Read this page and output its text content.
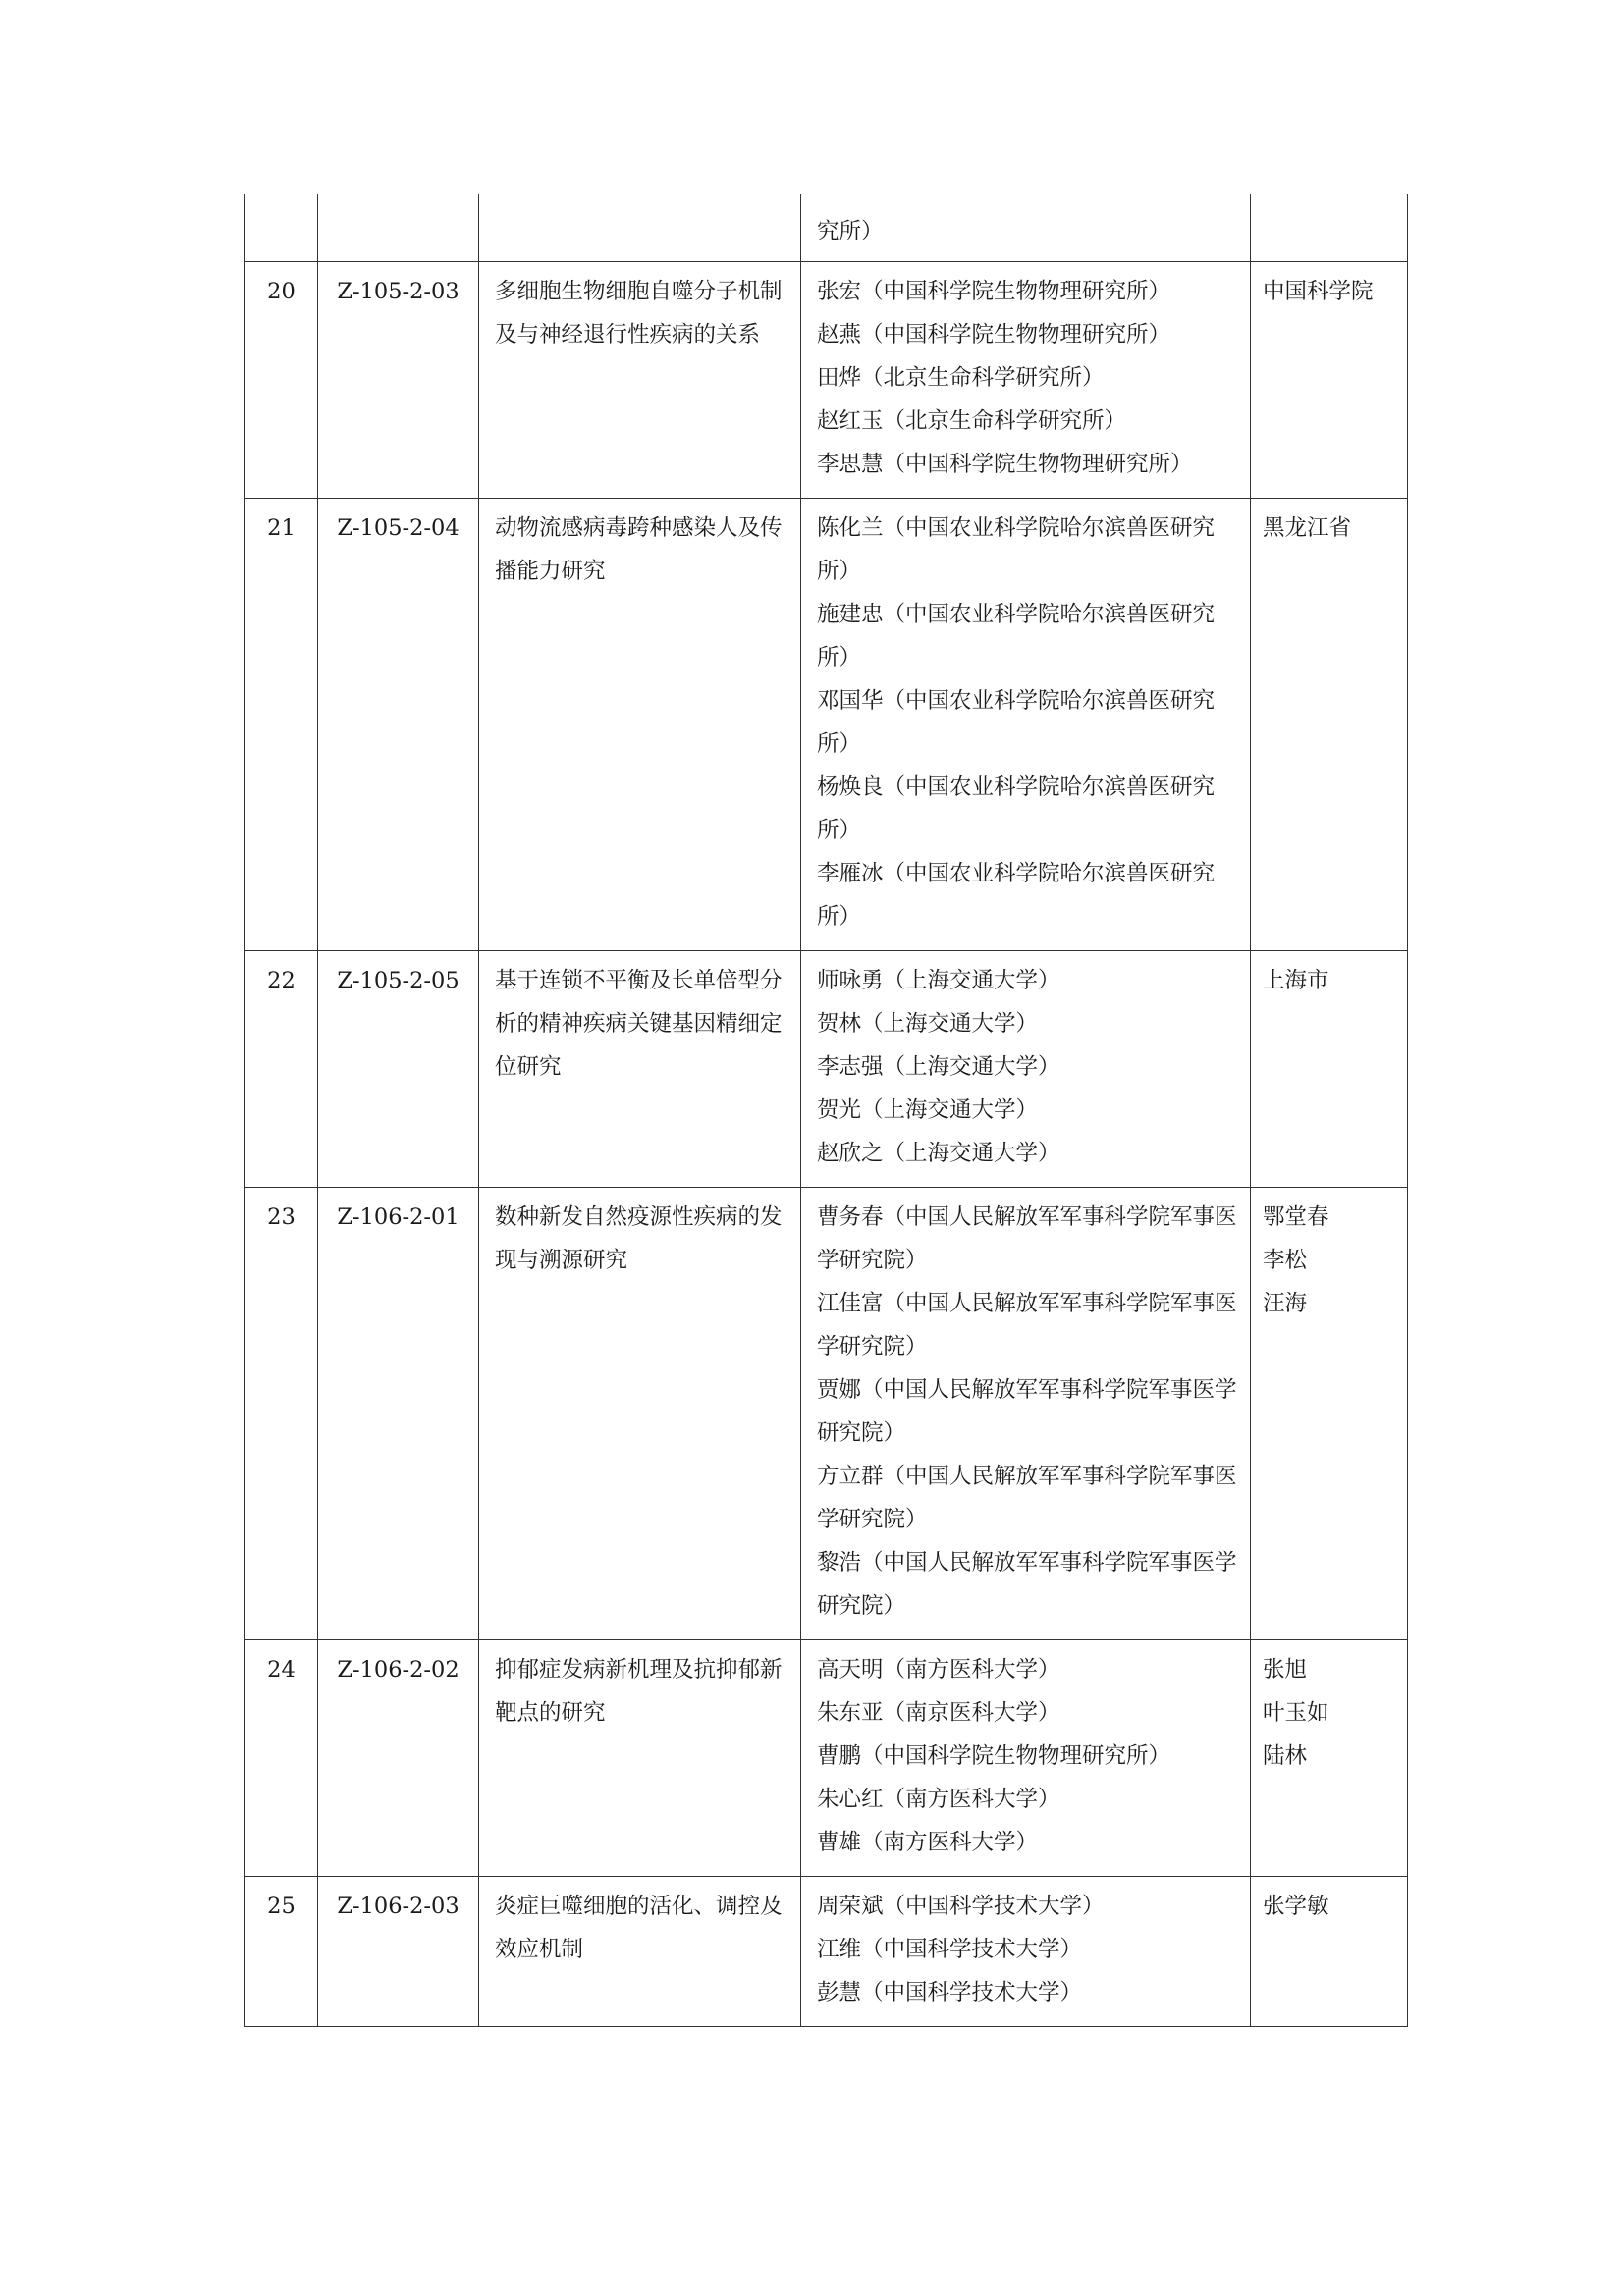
			究所）	

20	Z-105-2-03	多细胞生物细胞自噬分子机制及与神经退行性疾病的关系	张宏（中国科学院生物物理研究所）
赵燕（中国科学院生物物理研究所）
田烨（北京生命科学研究所）
赵红玉（北京生命科学研究所）
李思慧（中国科学院生物物理研究所）	中国科学院

21	Z-105-2-04	动物流感病毒跨种感染人及传播能力研究	陈化兰（中国农业科学院哈尔滨兽医研究所）
施建忠（中国农业科学院哈尔滨兽医研究所）
邓国华（中国农业科学院哈尔滨兽医研究所）
杨焕良（中国农业科学院哈尔滨兽医研究所）
李雁冰（中国农业科学院哈尔滨兽医研究所）	黑龙江省

22	Z-105-2-05	基于连锁不平衡及长单倍型分析的精神疾病关键基因精细定位研究	师咏勇（上海交通大学）
贺林（上海交通大学）
李志强（上海交通大学）
贺光（上海交通大学）
赵欣之（上海交通大学）	上海市

23	Z-106-2-01	数种新发自然疫源性疾病的发现与溯源研究	曹务春（中国人民解放军军事科学院军事医学研究院）
江佳富（中国人民解放军军事科学院军事医学研究院）
贾娜（中国人民解放军军事科学院军事医学研究院）
方立群（中国人民解放军军事科学院军事医学研究院）
黎浩（中国人民解放军军事科学院军事医学研究院）	鄂堂春
李松
汪海

24	Z-106-2-02	抑郁症发病新机理及抗抑郁新靶点的研究	高天明（南方医科大学）
朱东亚（南京医科大学）
曹鹏（中国科学院生物物理研究所）
朱心红（南方医科大学）
曹雄（南方医科大学）	张旭
叶玉如
陆林

25	Z-106-2-03	炎症巨噬细胞的活化、调控及效应机制	周荣斌（中国科学技术大学）
江维（中国科学技术大学）
彭慧（中国科学技术大学）	张学敏
